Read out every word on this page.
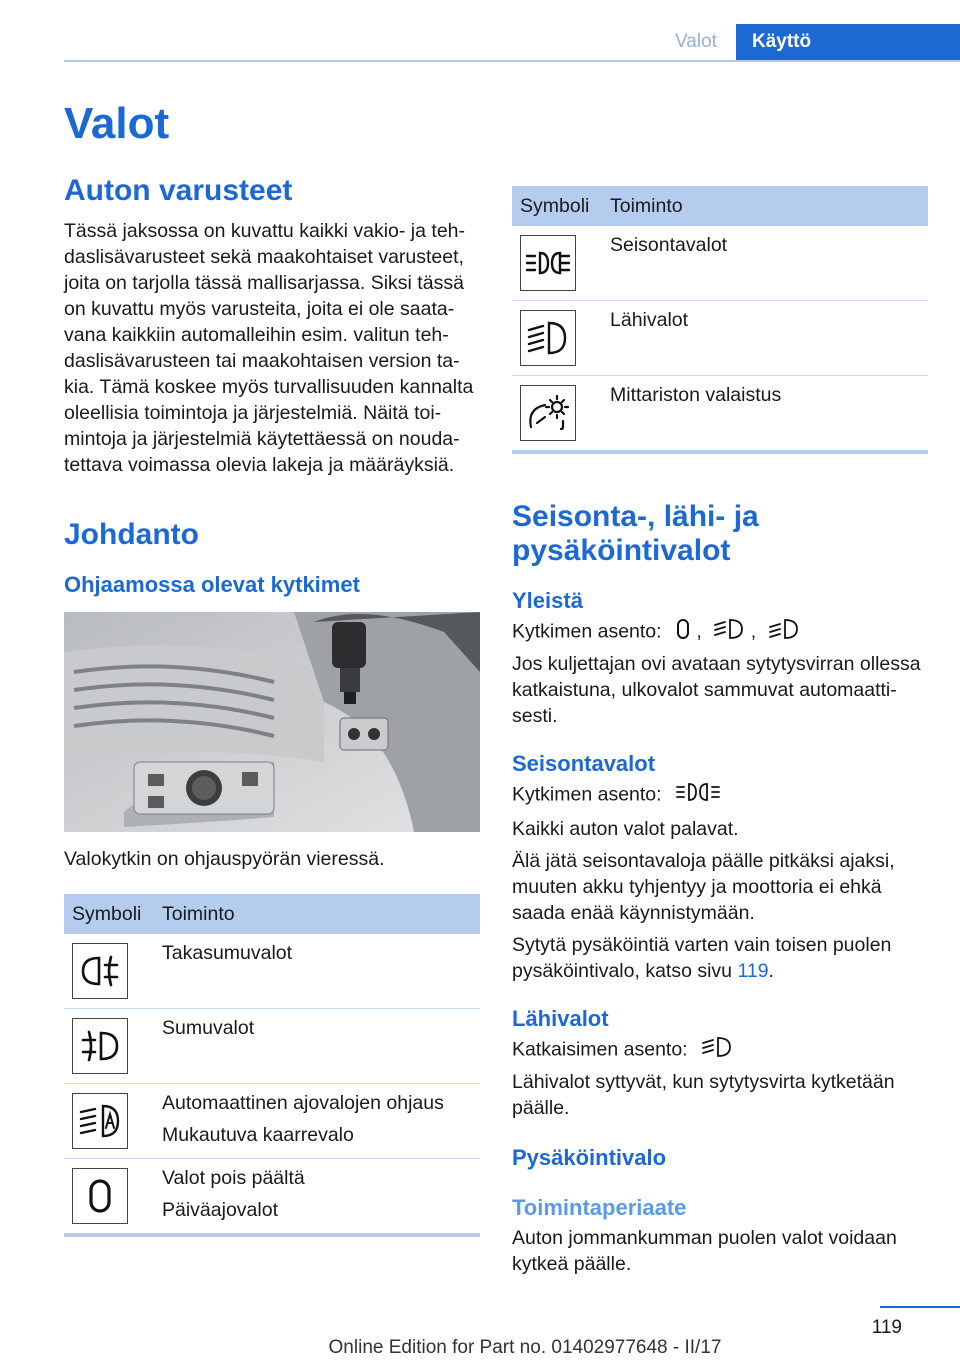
Valot	Käyttö
Valot
Auton varusteet

Tässä jaksossa on kuvattu kaikki vakio- ja tehdaslisävarusteet sekä maakohtaiset varusteet, joita on tarjolla tässä mallisarjassa. Siksi tässä on kuvattu myös varusteita, joita ei ole saatavana kaikkiin automalleihin esim. valitun tehdaslisävarusteen tai maakohtaisen version takia. Tämä koskee myös turvallisuuden kannalta oleellisia toimintoja ja järjestelmiä. Näitä toimintoja ja järjestelmiä käytettäessä on noudatettava voimassa olevia lakeja ja määräyksiä.

Johdanto
Ohjaamossa olevat kytkimet

Valokytkin on ohjauspyörän vieressä.

Symboli	Toiminto

Takasumuvalot

Sumuvalot

Automaattinen ajovalojen ohjaus
Mukautuva kaarrevalo

Valot pois päältä
Päiväajovalot
Symboli	Toiminto

Seisontavalot

Lähivalot

Mittariston valaistus
Seisonta-, lähi- ja pysäköintivalot
Yleistä

Kytkimen asento: ,	,

Jos kuljettajan ovi avataan sytytysvirran ollessa katkaistuna, ulkovalot sammuvat automaattisesti.

Seisontavalot

Kytkimen asento:

Kaikki auton valot palavat.

Älä jätä seisontavaloja päälle pitkäksi ajaksi, muuten akku tyhjentyy ja moottoria ei ehkä saada enää käynnistymään.

Sytytä pysäköintiä varten vain toisen puolen pysäköintivalo, katso sivu 119.

Lähivalot

Katkaisimen asento:

Lähivalot syttyvät, kun sytytysvirta kytketään päälle.

Pysäköintivalo
Toimintaperiaate

Auton jommankumman puolen valot voidaan kytkeä päälle.

119
Online Edition for Part no. 01402977648 - II/17
